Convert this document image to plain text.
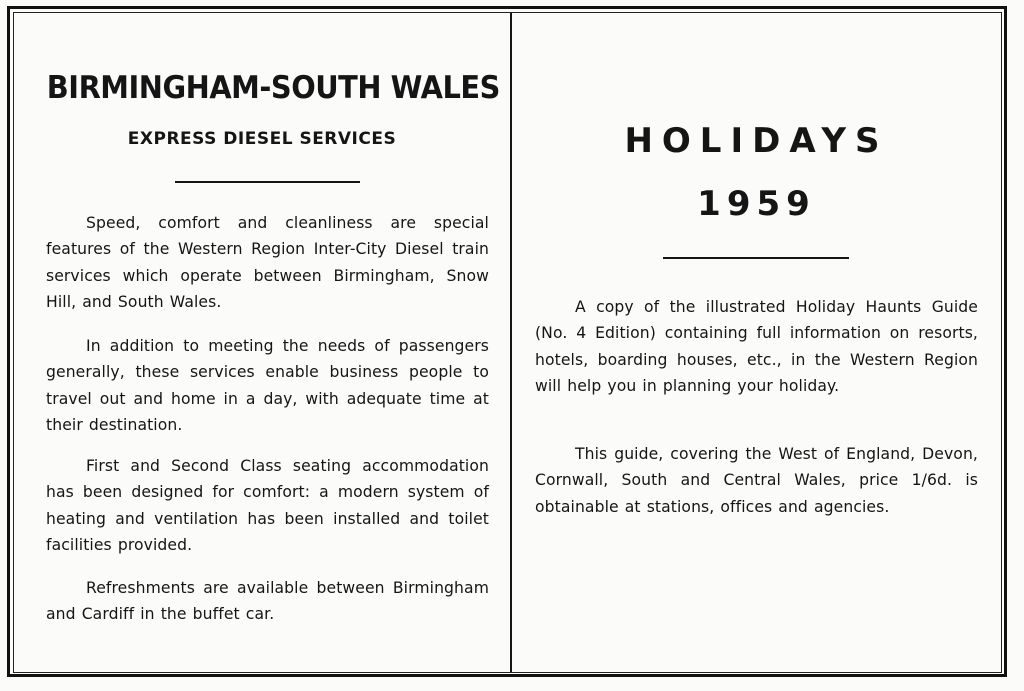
BIRMINGHAM-SOUTH WALES
EXPRESS DIESEL SERVICES

Speed, comfort and cleanliness are special features of the Western Region Inter-City Diesel train services which operate between Birmingham, Snow Hill, and South Wales.

In addition to meeting the needs of passengers generally, these services enable business people to travel out and home in a day, with adequate time at their destination.

First and Second Class seating accommodation has been designed for comfort: a modern system of heating and ventilation has been installed and toilet facilities provided.

Refreshments are available between Birmingham and Cardiff in the buffet car.

HOLIDAYS
1959

A copy of the illustrated Holiday Haunts Guide (No. 4 Edition) containing full information on resorts, hotels, boarding houses, etc., in the Western Region will help you in planning your holiday.

This guide, covering the West of England, Devon, Cornwall, South and Central Wales, price 1/6d. is obtainable at stations, offices and agencies.
